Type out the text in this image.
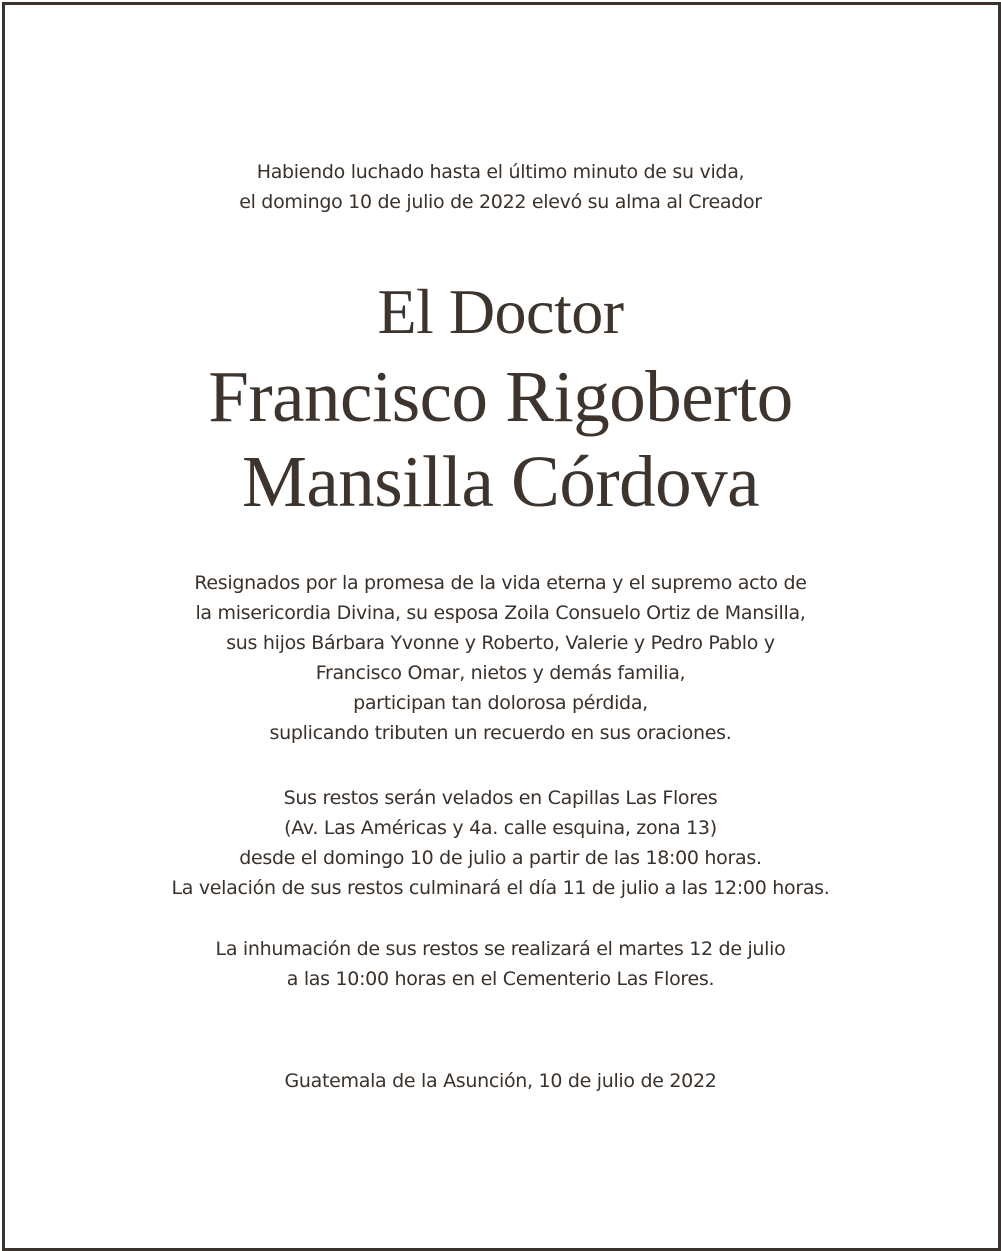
Habiendo luchado hasta el último minuto de su vida,
el domingo 10 de julio de 2022 elevó su alma al Creador
El Doctor
Francisco Rigoberto
Mansilla Córdova
Resignados por la promesa de la vida eterna y el supremo acto de
la misericordia Divina, su esposa Zoila Consuelo Ortiz de Mansilla,
sus hijos Bárbara Yvonne y Roberto, Valerie y Pedro Pablo y
Francisco Omar, nietos y demás familia,
participan tan dolorosa pérdida,
suplicando tributen un recuerdo en sus oraciones.
Sus restos serán velados en Capillas Las Flores
(Av. Las Américas y 4a. calle esquina, zona 13)
desde el domingo 10 de julio a partir de las 18:00 horas.
La velación de sus restos culminará el día 11 de julio a las 12:00 horas.
La inhumación de sus restos se realizará el martes 12 de julio
a las 10:00 horas en el Cementerio Las Flores.
Guatemala de la Asunción, 10 de julio de 2022
